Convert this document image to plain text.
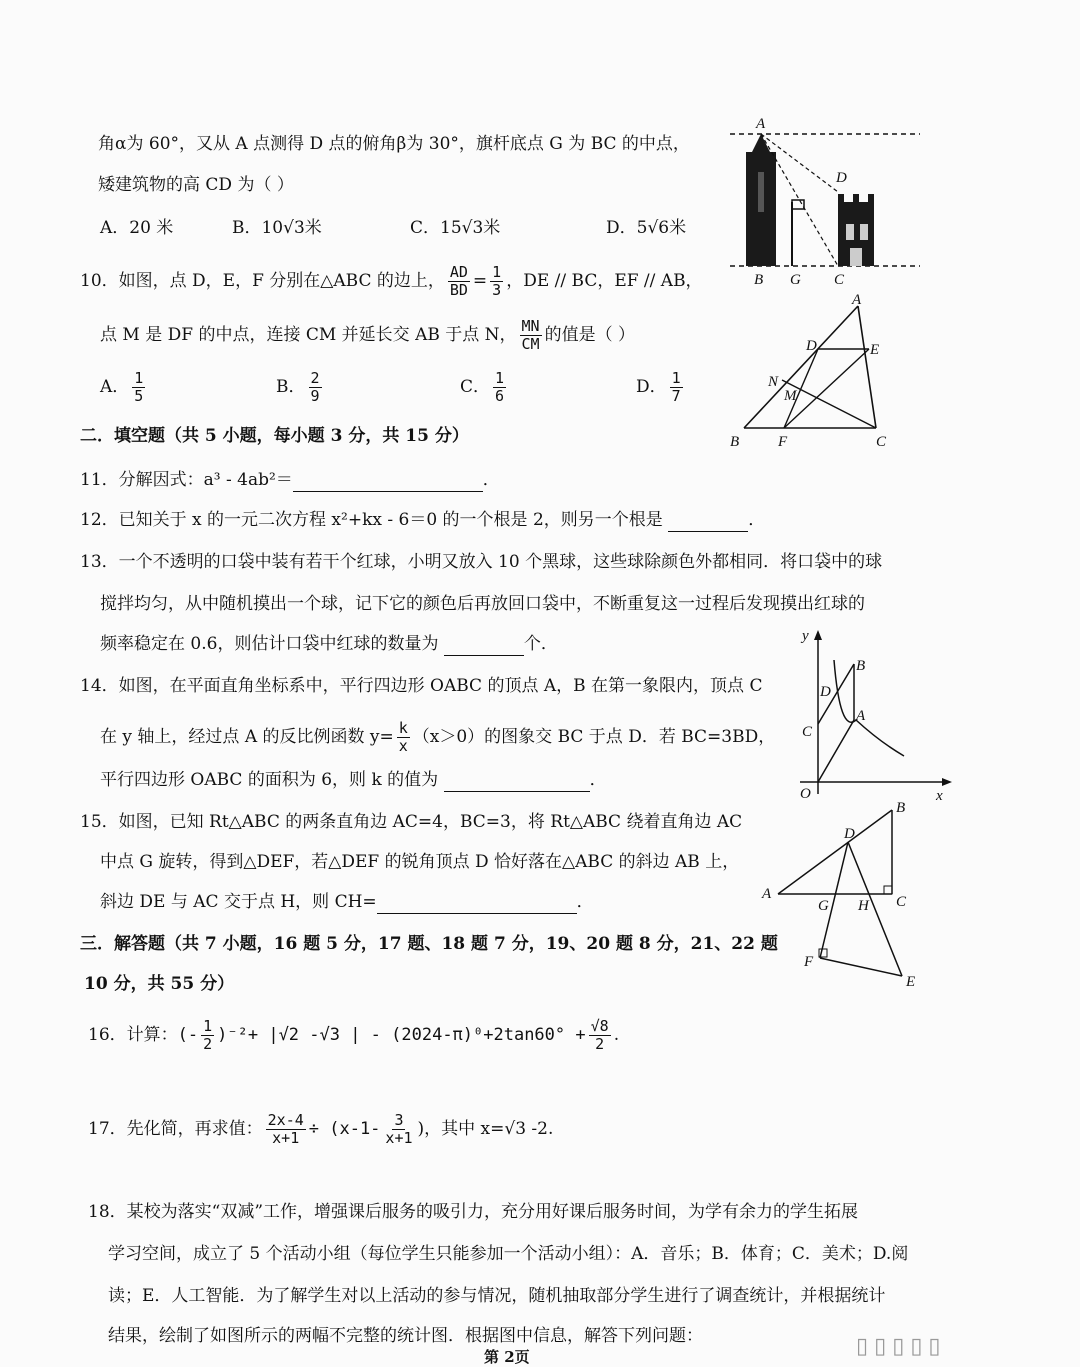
角α为 60°，又从 A 点测得 D 点的俯角β为 30°，旗杆底点 G 为 BC 的中点，
矮建筑物的高 CD 为（ ）
A．20 米	B．10√3米	C．15√3米	D．5√6米
A
D
B G C
10．如图，点 D，E，F 分别在△ABC 的边上， $\frac{AD}{BD} = \frac{1}{3}$ ，DE // BC，EF // AB，
点 M 是 DF 的中点，连接 CM 并延长交 AB 于点 N， $\frac{MN}{CM}$ 的值是（ ）
A． $\frac{1}{5}$	B． $\frac{2}{9}$	C． $\frac{1}{6}$	D． $\frac{1}{7}$
A
D	E
N
M
B	F	C
二．填空题（共 5 小题，每小题 3 分，共 15 分）
11．分解因式：a³ - 4ab²＝	．
12．已知关于 x 的一元二次方程 x²+kx - 6＝0 的一个根是 2，则另一个根是	．
13．一个不透明的口袋中装有若干个红球，小明又放入 10 个黑球，这些球除颜色外都相同．将口袋中的球
搅拌均匀，从中随机摸出一个球，记下它的颜色后再放回口袋中，不断重复这一过程后发现摸出红球的
频率稳定在 0.6，则估计口袋中红球的数量为	个．
14．如图，在平面直角坐标系中，平行四边形 OABC 的顶点 A，B 在第一象限内，顶点 C
在 y 轴上，经过点 A 的反比例函数 $y= \frac{k}{x} (x>0)$的图象交 BC 于点 D．若 BC=3BD，
平行四边形 OABC 的面积为 6，则 k 的值为	．
y
B
D
A
C
O	x
15．如图，已知 Rt△ABC 的两条直角边 AC=4，BC=3，将 Rt△ABC 绕着直角边 AC
中点 G 旋转，得到△DEF，若△DEF 的锐角顶点 D 恰好落在△ABC 的斜边 AB 上，
斜边 DE 与 AC 交于点 H，则 CH=	．
B
D
A
G H C
F
E
三．解答题（共 7 小题，16 题 5 分，17 题、18 题 7 分，19、20 题 8 分，21、22 题
10 分，共 55 分）
16．计算：(- $\frac{1}{2} )^{-2}+ |√2$ -√3 | - $(2024-\pi)^0+2\tan 60^\circ + \frac{√8}{2}$ .
17．先化简，再求值： $\frac{2x-4}{x+1} \div (x-1- \frac{3}{x+1}$ )，其中 x=√3 -2.
18．某校为落实“双减”工作，增强课后服务的吸引力，充分用好课后服务时间，为学有余力的学生拓展
学习空间，成立了 5 个活动小组（每位学生只能参加一个活动小组）：A．音乐；B．体育；C．美术；D.阅
读；E．人工智能．为了解学生对以上活动的参与情况，随机抽取部分学生进行了调查统计，并根据统计
结果，绘制了如图所示的两幅不完整的统计图．根据图中信息，解答下列问题：
第 2页	▯▯▯▯▯
